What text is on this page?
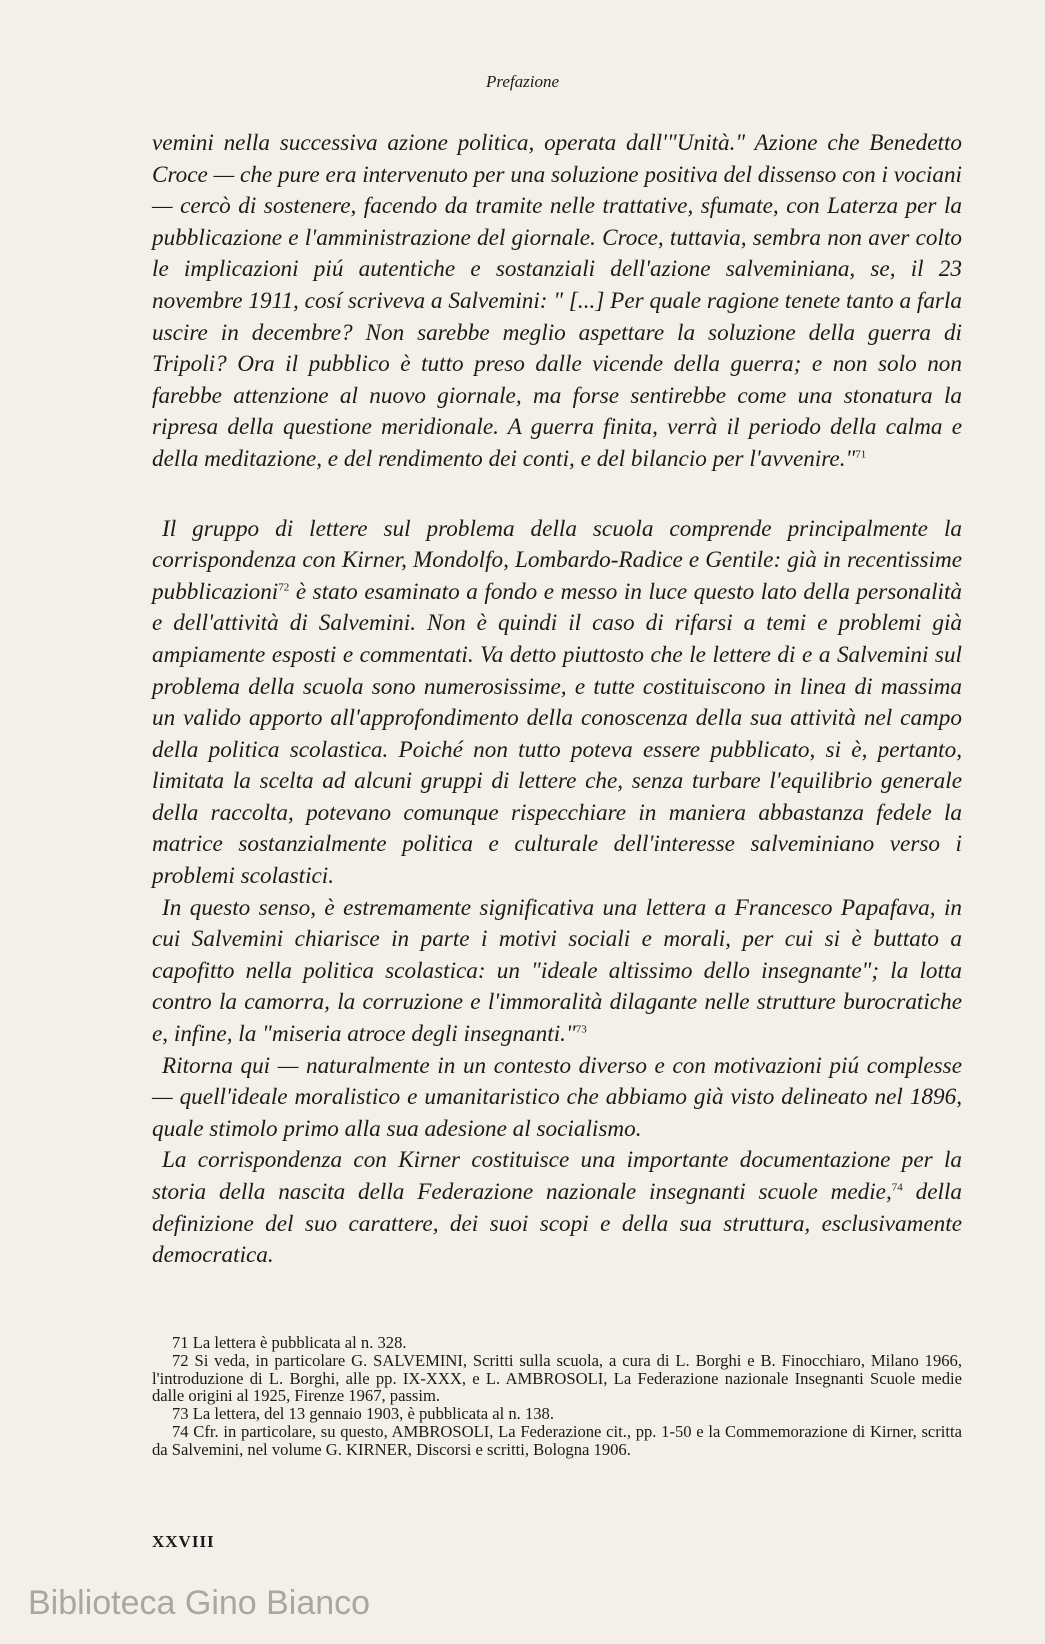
Prefazione

vemini nella successiva azione politica, operata dall'"Unità." Azione che Benedetto Croce — che pure era intervenuto per una soluzione positiva del dissenso con i vociani — cercò di sostenere, facendo da tramite nelle trattative, sfumate, con Laterza per la pubblicazione e l'amministrazione del giornale. Croce, tuttavia, sembra non aver colto le implicazioni piú autentiche e sostanziali dell'azione salveminiana, se, il 23 novembre 1911, cosí scriveva a Salvemini: " [...] Per quale ragione tenete tanto a farla uscire in decembre? Non sarebbe meglio aspettare la soluzione della guerra di Tripoli? Ora il pubblico è tutto preso dalle vicende della guerra; e non solo non farebbe attenzione al nuovo giornale, ma forse sentirebbe come una stonatura la ripresa della questione meridionale. A guerra finita, verrà il periodo della calma e della meditazione, e del rendimento dei conti, e del bilancio per l'avvenire."$^{71}$

Il gruppo di lettere sul problema della scuola comprende principalmente la corrispondenza con Kirner, Mondolfo, Lombardo-Radice e Gentile: già in recentissime pubblicazioni$^{72}$ è stato esaminato a fondo e messo in luce questo lato della personalità e dell'attività di Salvemini. Non è quindi il caso di rifarsi a temi e problemi già ampiamente esposti e commentati. Va detto piuttosto che le lettere di e a Salvemini sul problema della scuola sono numerosissime, e tutte costituiscono in linea di massima un valido apporto all'approfondimento della conoscenza della sua attività nel campo della politica scolastica. Poiché non tutto poteva essere pubblicato, si è, pertanto, limitata la scelta ad alcuni gruppi di lettere che, senza turbare l'equilibrio generale della raccolta, potevano comunque rispecchiare in maniera abbastanza fedele la matrice sostanzialmente politica e culturale dell'interesse salveminiano verso i problemi scolastici.

In questo senso, è estremamente significativa una lettera a Francesco Papafava, in cui Salvemini chiarisce in parte i motivi sociali e morali, per cui si è buttato a capofitto nella politica scolastica: un "ideale altissimo dello insegnante"; la lotta contro la camorra, la corruzione e l'immoralità dilagante nelle strutture burocratiche e, infine, la "miseria atroce degli insegnanti."$^{73}$

Ritorna qui — naturalmente in un contesto diverso e con motivazioni piú complesse — quell'ideale moralistico e umanitaristico che abbiamo già visto delineato nel 1896, quale stimolo primo alla sua adesione al socialismo.

La corrispondenza con Kirner costituisce una importante documentazione per la storia della nascita della Federazione nazionale insegnanti scuole medie,$^{74}$ della definizione del suo carattere, dei suoi scopi e della sua struttura, esclusivamente democratica.

71 La lettera è pubblicata al n. 328.

72 Si veda, in particolare G. SALVEMINI, Scritti sulla scuola, a cura di L. Borghi e B. Finocchiaro, Milano 1966, l'introduzione di L. Borghi, alle pp. IX-XXX, e L. AMBROSOLI, La Federazione nazionale Insegnanti Scuole medie dalle origini al 1925, Firenze 1967, passim.

73 La lettera, del 13 gennaio 1903, è pubblicata al n. 138.

74 Cfr. in particolare, su questo, AMBROSOLI, La Federazione cit., pp. 1-50 e la Commemorazione di Kirner, scritta da Salvemini, nel volume G. KIRNER, Discorsi e scritti, Bologna 1906.

XXVIII
Biblioteca Gino Bianco
